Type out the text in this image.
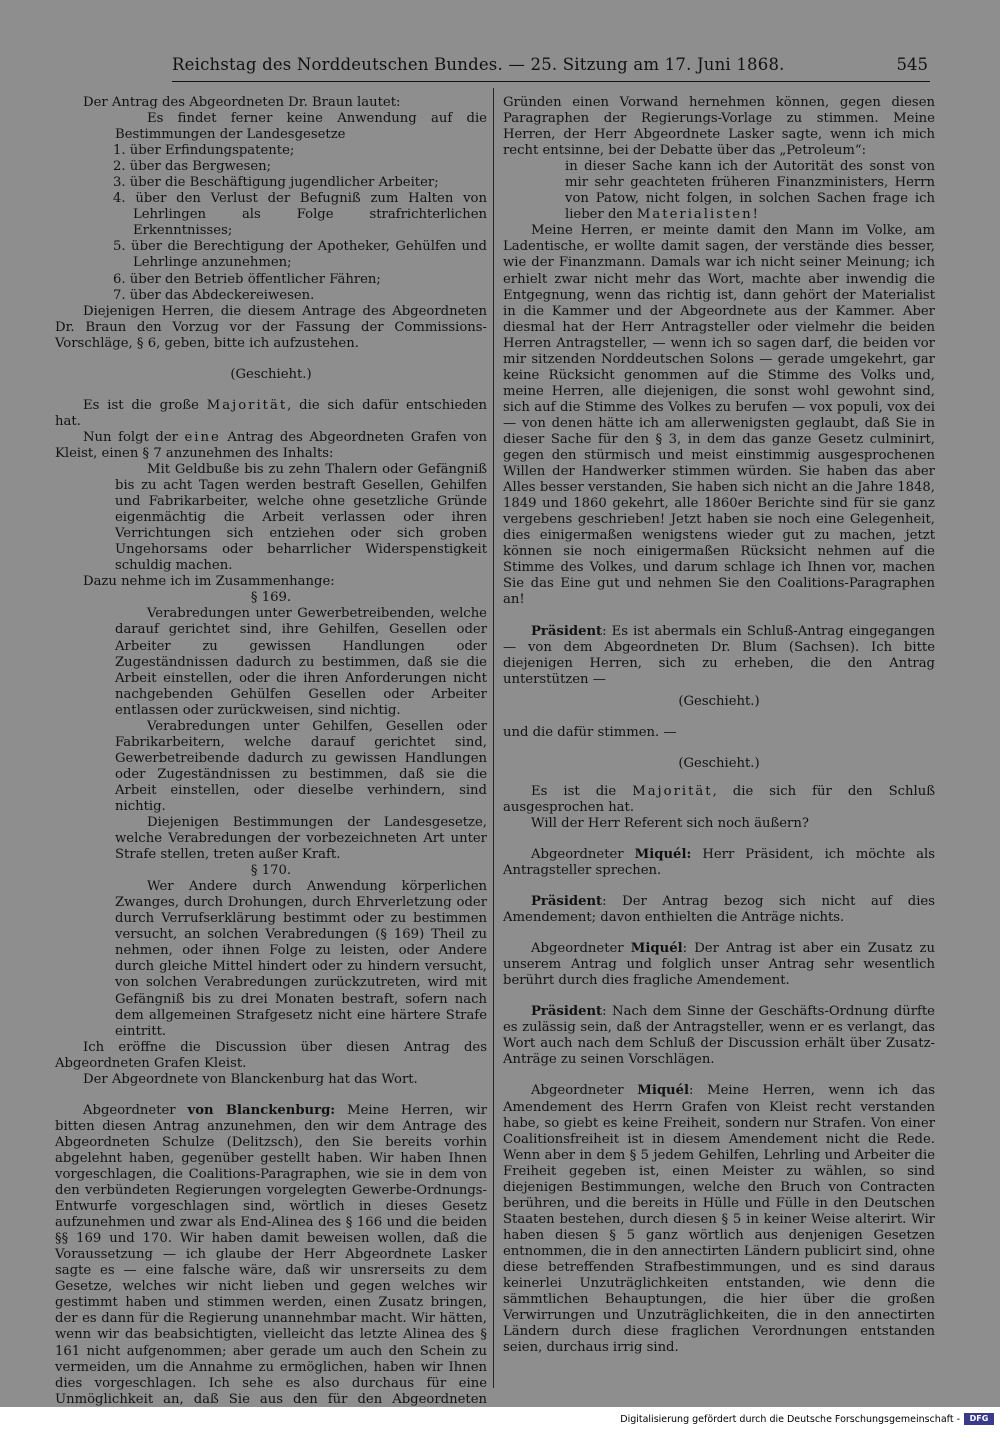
Reichstag des Norddeutschen Bundes. — 25. Sitzung am 17. Juni 1868.	545

Der Antrag des Abgeordneten Dr. Braun lautet:

Es findet ferner keine Anwendung auf die Bestimmungen der Landesgesetze

1. über Erfindungspatente;

2. über das Bergwesen;

3. über die Beschäftigung jugendlicher Arbeiter;

4. über den Verlust der Befugniß zum Halten von Lehrlingen als Folge strafrichterlichen Erkenntnisses;

5. über die Berechtigung der Apotheker, Gehülfen und Lehrlinge anzunehmen;

6. über den Betrieb öffentlicher Fähren;

7. über das Abdeckereiwesen.

Diejenigen Herren, die diesem Antrage des Abgeordneten Dr. Braun den Vorzug vor der Fassung der Commissions-Vorschläge, § 6, geben, bitte ich aufzustehen.

(Geschieht.)

Es ist die große Majorität, die sich dafür entschieden hat.

Nun folgt der eine Antrag des Abgeordneten Grafen von Kleist, einen § 7 anzunehmen des Inhalts:

Mit Geldbuße bis zu zehn Thalern oder Gefängniß bis zu acht Tagen werden bestraft Gesellen, Gehilfen und Fabrikarbeiter, welche ohne gesetzliche Gründe eigenmächtig die Arbeit verlassen oder ihren Verrichtungen sich entziehen oder sich groben Ungehorsams oder beharrlicher Widerspenstigkeit schuldig machen.

Dazu nehme ich im Zusammenhange:

§ 169.

Verabredungen unter Gewerbetreibenden, welche darauf gerichtet sind, ihre Gehilfen, Gesellen oder Arbeiter zu gewissen Handlungen oder Zugeständnissen dadurch zu bestimmen, daß sie die Arbeit einstellen, oder die ihren Anforderungen nicht nachgebenden Gehülfen Gesellen oder Arbeiter entlassen oder zurückweisen, sind nichtig.

Verabredungen unter Gehilfen, Gesellen oder Fabrikarbeitern, welche darauf gerichtet sind, Gewerbetreibende dadurch zu gewissen Handlungen oder Zugeständnissen zu bestimmen, daß sie die Arbeit einstellen, oder dieselbe verhindern, sind nichtig.

Diejenigen Bestimmungen der Landesgesetze, welche Verabredungen der vorbezeichneten Art unter Strafe stellen, treten außer Kraft.

§ 170.

Wer Andere durch Anwendung körperlichen Zwanges, durch Drohungen, durch Ehrverletzung oder durch Verrufserklärung bestimmt oder zu bestimmen versucht, an solchen Verabredungen (§ 169) Theil zu nehmen, oder ihnen Folge zu leisten, oder Andere durch gleiche Mittel hindert oder zu hindern versucht, von solchen Verabredungen zurückzutreten, wird mit Gefängniß bis zu drei Monaten bestraft, sofern nach dem allgemeinen Strafgesetz nicht eine härtere Strafe eintritt.

Ich eröffne die Discussion über diesen Antrag des Abgeordneten Grafen Kleist.

Der Abgeordnete von Blanckenburg hat das Wort.

Abgeordneter von Blanckenburg: Meine Herren, wir bitten diesen Antrag anzunehmen, den wir dem Antrage des Abgeordneten Schulze (Delitzsch), den Sie bereits vorhin abgelehnt haben, gegenüber gestellt haben. Wir haben Ihnen vorgeschlagen, die Coalitions-Paragraphen, wie sie in dem von den verbündeten Regierungen vorgelegten Gewerbe-Ordnungs-Entwurfe vorgeschlagen sind, wörtlich in dieses Gesetz aufzunehmen und zwar als End-Alinea des § 166 und die beiden §§ 169 und 170. Wir haben damit beweisen wollen, daß die Voraussetzung — ich glaube der Herr Abgeordnete Lasker sagte es — eine falsche wäre, daß wir unsrerseits zu dem Gesetze, welches wir nicht lieben und gegen welches wir gestimmt haben und stimmen werden, einen Zusatz bringen, der es dann für die Regierung unannehmbar macht. Wir hätten, wenn wir das beabsichtigten, vielleicht das letzte Alinea des § 161 nicht aufgenommen; aber gerade um auch den Schein zu vermeiden, um die Annahme zu ermöglichen, haben wir Ihnen dies vorgeschlagen. Ich sehe es also durchaus für eine Unmöglichkeit an, daß Sie aus den für den Abgeordneten

Gründen einen Vorwand hernehmen können, gegen diesen Paragraphen der Regierungs-Vorlage zu stimmen. Meine Herren, der Herr Abgeordnete Lasker sagte, wenn ich mich recht entsinne, bei der Debatte über das „Petroleum“:

in dieser Sache kann ich der Autorität des sonst von mir sehr geachteten früheren Finanzministers, Herrn von Patow, nicht folgen, in solchen Sachen frage ich lieber den Materialisten!

Meine Herren, er meinte damit den Mann im Volke, am Ladentische, er wollte damit sagen, der verstände dies besser, wie der Finanzmann. Damals war ich nicht seiner Meinung; ich erhielt zwar nicht mehr das Wort, machte aber inwendig die Entgegnung, wenn das richtig ist, dann gehört der Materialist in die Kammer und der Abgeordnete aus der Kammer. Aber diesmal hat der Herr Antragsteller oder vielmehr die beiden Herren Antragsteller, — wenn ich so sagen darf, die beiden vor mir sitzenden Norddeutschen Solons — gerade umgekehrt, gar keine Rücksicht genommen auf die Stimme des Volks und, meine Herren, alle diejenigen, die sonst wohl gewohnt sind, sich auf die Stimme des Volkes zu berufen — vox populi, vox dei — von denen hätte ich am allerwenigsten geglaubt, daß Sie in dieser Sache für den § 3, in dem das ganze Gesetz culminirt, gegen den stürmisch und meist einstimmig ausgesprochenen Willen der Handwerker stimmen würden. Sie haben das aber Alles besser verstanden, Sie haben sich nicht an die Jahre 1848, 1849 und 1860 gekehrt, alle 1860er Berichte sind für sie ganz vergebens geschrieben! Jetzt haben sie noch eine Gelegenheit, dies einigermaßen wenigstens wieder gut zu machen, jetzt können sie noch einigermaßen Rücksicht nehmen auf die Stimme des Volkes, und darum schlage ich Ihnen vor, machen Sie das Eine gut und nehmen Sie den Coalitions-Paragraphen an!

Präsident: Es ist abermals ein Schluß-Antrag eingegangen — von dem Abgeordneten Dr. Blum (Sachsen). Ich bitte diejenigen Herren, sich zu erheben, die den Antrag unterstützen —

(Geschieht.)

und die dafür stimmen. —

(Geschieht.)

Es ist die Majorität, die sich für den Schluß ausgesprochen hat.

Will der Herr Referent sich noch äußern?

Abgeordneter Miquél: Herr Präsident, ich möchte als Antragsteller sprechen.

Präsident: Der Antrag bezog sich nicht auf dies Amendement; davon enthielten die Anträge nichts.

Abgeordneter Miquél: Der Antrag ist aber ein Zusatz zu unserem Antrag und folglich unser Antrag sehr wesentlich berührt durch dies fragliche Amendement.

Präsident: Nach dem Sinne der Geschäfts-Ordnung dürfte es zulässig sein, daß der Antragsteller, wenn er es verlangt, das Wort auch nach dem Schluß der Discussion erhält über Zusatz-Anträge zu seinen Vorschlägen.

Abgeordneter Miquél: Meine Herren, wenn ich das Amendement des Herrn Grafen von Kleist recht verstanden habe, so giebt es keine Freiheit, sondern nur Strafen. Von einer Coalitionsfreiheit ist in diesem Amendement nicht die Rede. Wenn aber in dem § 5 jedem Gehilfen, Lehrling und Arbeiter die Freiheit gegeben ist, einen Meister zu wählen, so sind diejenigen Bestimmungen, welche den Bruch von Contracten berühren, und die bereits in Hülle und Fülle in den Deutschen Staaten bestehen, durch diesen § 5 in keiner Weise alterirt. Wir haben diesen § 5 ganz wörtlich aus denjenigen Gesetzen entnommen, die in den annectirten Ländern publicirt sind, ohne diese betreffenden Strafbestimmungen, und es sind daraus keinerlei Unzuträglichkeiten entstanden, wie denn die sämmtlichen Behauptungen, die hier über die großen Verwirrungen und Unzuträglichkeiten, die in den annectirten Ländern durch diese fraglichen Verordnungen entstanden seien, durchaus irrig sind.

Digitalisierung gefördert durch die Deutsche Forschungsgemeinschaft -	DFG
